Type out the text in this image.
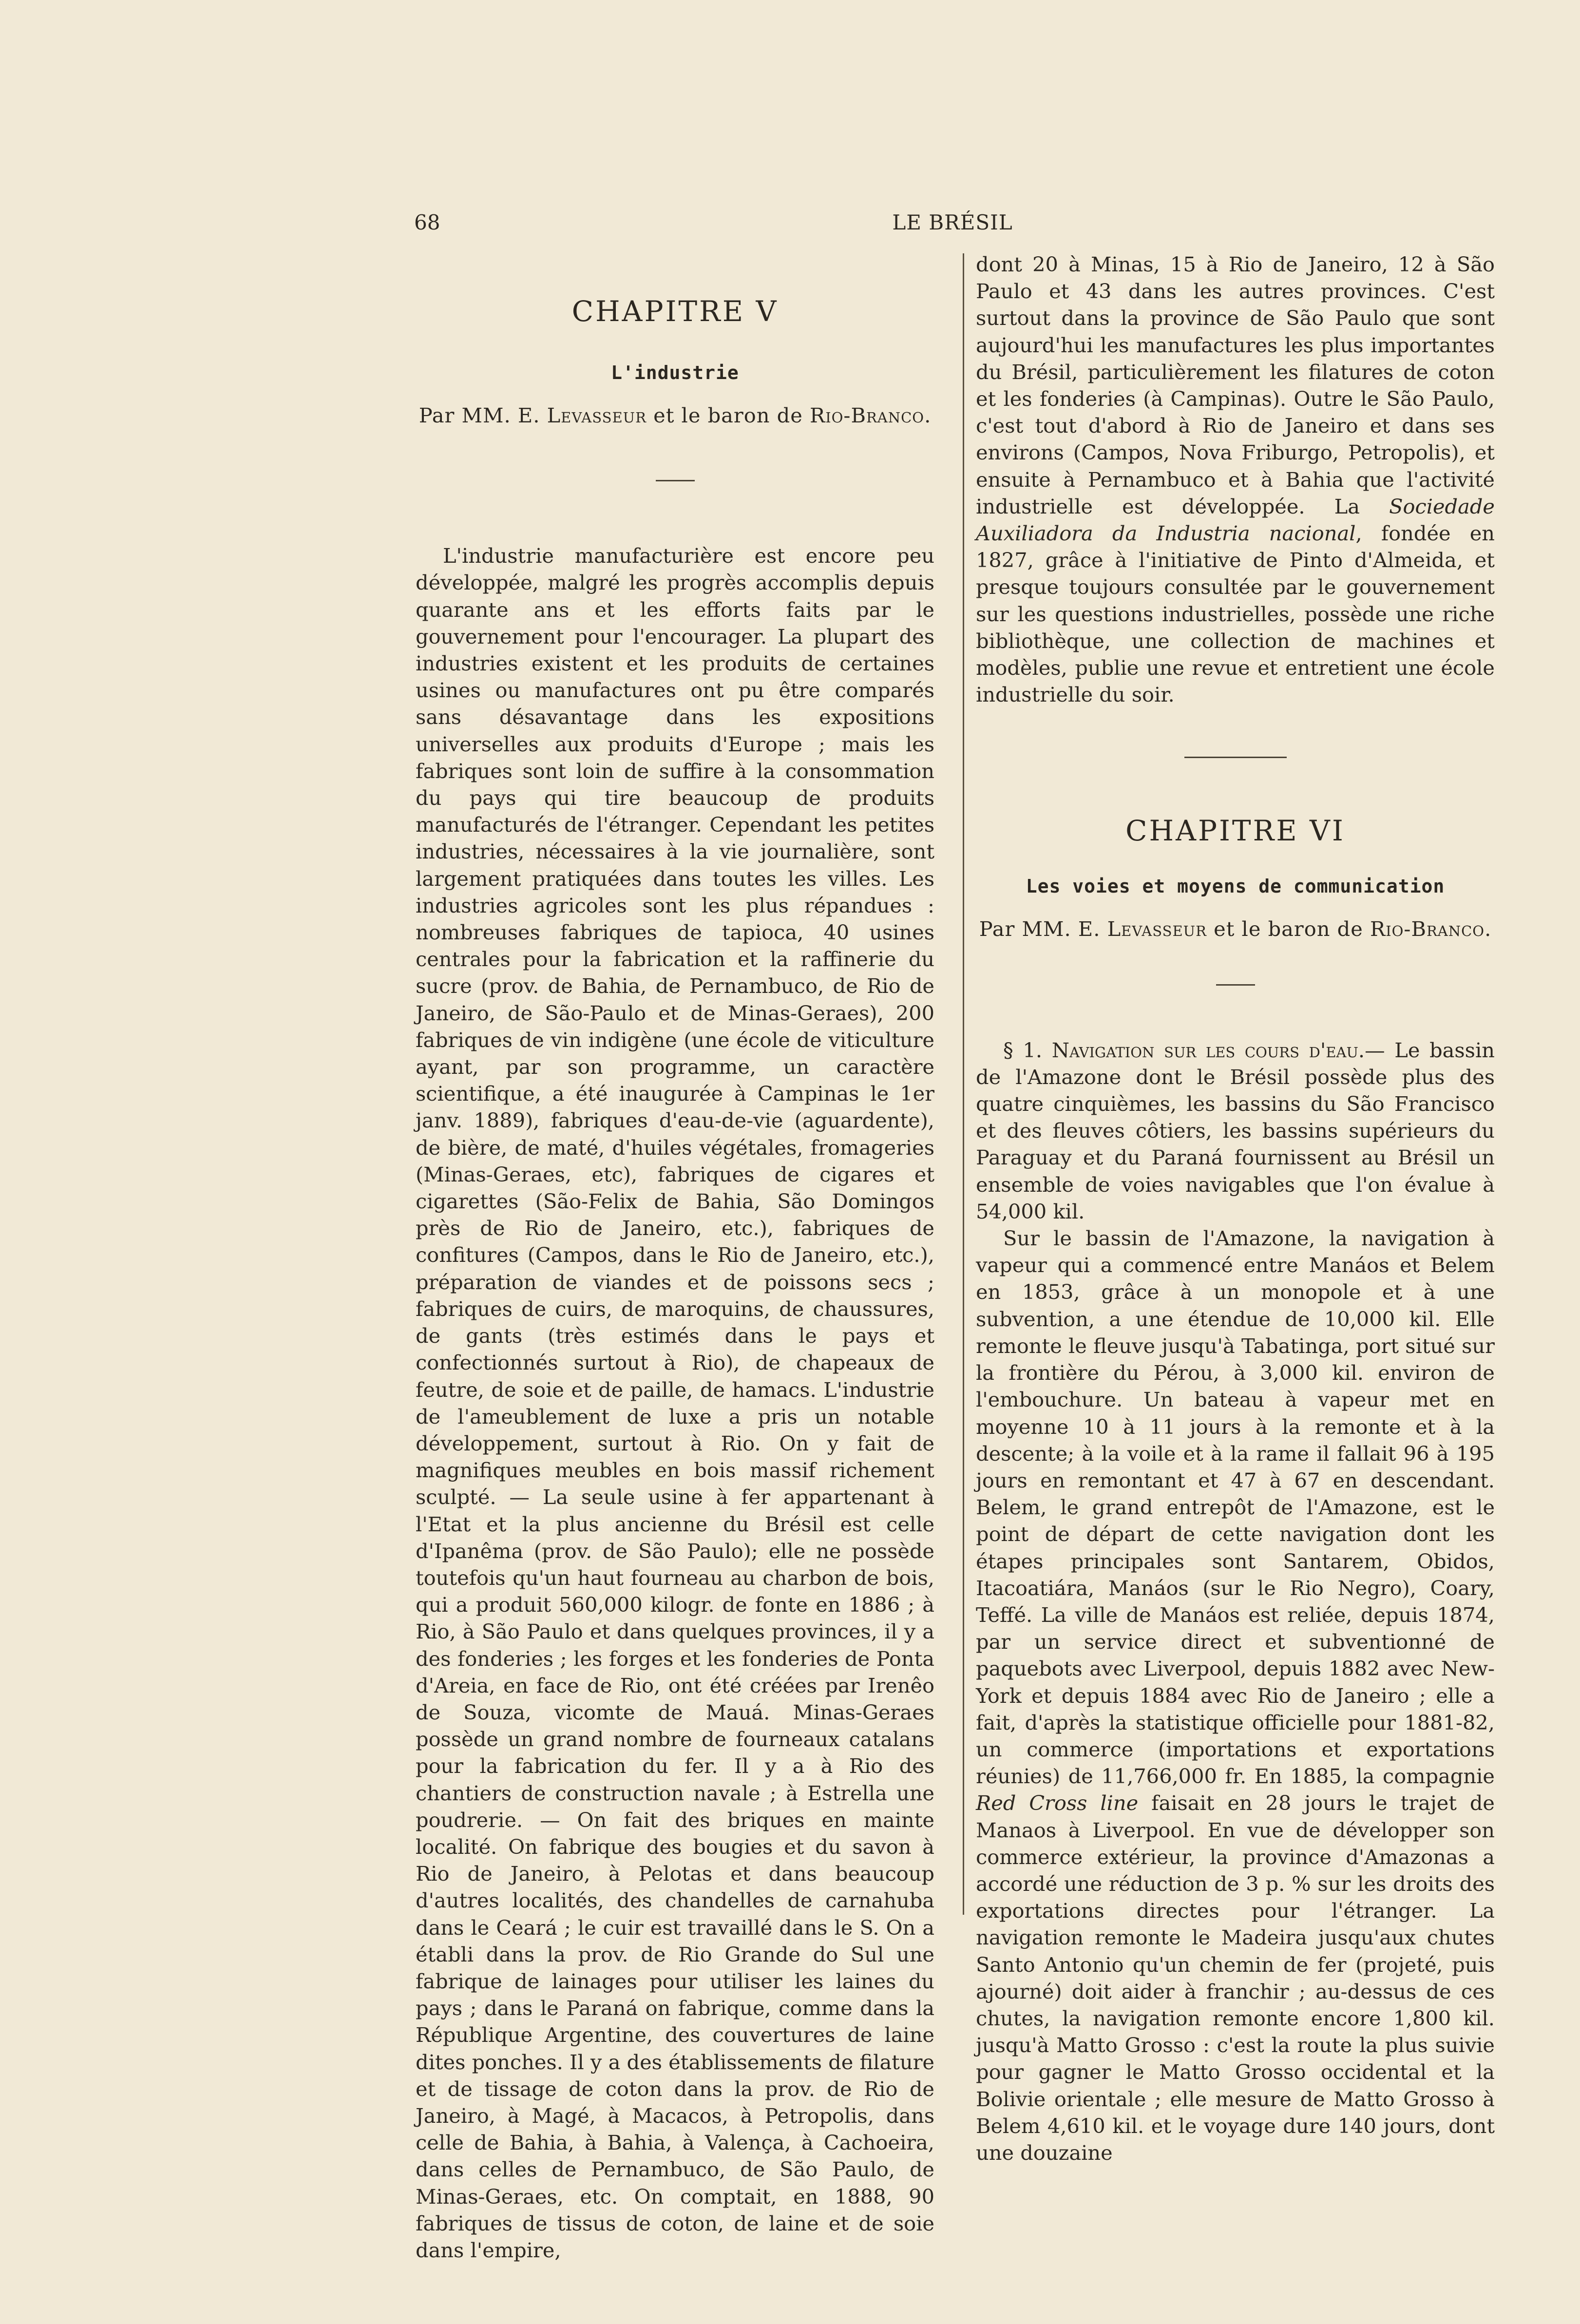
68	LE BRÉSIL
CHAPITRE V
L'industrie

Par MM. E. Levasseur et le baron de Rio-Branco.

L'industrie manufacturière est encore peu développée, malgré les progrès accomplis depuis quarante ans et les efforts faits par le gouvernement pour l'encourager. La plupart des industries existent et les produits de certaines usines ou manufactures ont pu être comparés sans désavantage dans les expositions universelles aux produits d'Europe ; mais les fabriques sont loin de suffire à la consommation du pays qui tire beaucoup de produits manufacturés de l'étranger. Cependant les petites industries, nécessaires à la vie journalière, sont largement pratiquées dans toutes les villes. Les industries agricoles sont les plus répandues : nombreuses fabriques de tapioca, 40 usines centrales pour la fabrication et la raffinerie du sucre (prov. de Bahia, de Pernambuco, de Rio de Janeiro, de São-Paulo et de Minas-Geraes), 200 fabriques de vin indigène (une école de viticulture ayant, par son programme, un caractère scientifique, a été inaugurée à Campinas le 1er janv. 1889), fabriques d'eau-de-vie (aguardente), de bière, de maté, d'huiles végétales, fromageries (Minas-Geraes, etc), fabriques de cigares et cigarettes (São-Felix de Bahia, São Domingos près de Rio de Janeiro, etc.), fabriques de confitures (Campos, dans le Rio de Janeiro, etc.), préparation de viandes et de poissons secs ; fabriques de cuirs, de maroquins, de chaussures, de gants (très estimés dans le pays et confectionnés surtout à Rio), de chapeaux de feutre, de soie et de paille, de hamacs. L'industrie de l'ameublement de luxe a pris un notable développement, surtout à Rio. On y fait de magnifiques meubles en bois massif richement sculpté. — La seule usine à fer appartenant à l'Etat et la plus ancienne du Brésil est celle d'Ipanêma (prov. de São Paulo); elle ne possède toutefois qu'un haut fourneau au charbon de bois, qui a produit 560,000 kilogr. de fonte en 1886 ; à Rio, à São Paulo et dans quelques provinces, il y a des fonderies ; les forges et les fonderies de Ponta d'Areia, en face de Rio, ont été créées par Irenêo de Souza, vicomte de Mauá. Minas-Geraes possède un grand nombre de fourneaux catalans pour la fabrication du fer. Il y a à Rio des chantiers de construction navale ; à Estrella une poudrerie. — On fait des briques en mainte localité. On fabrique des bougies et du savon à Rio de Janeiro, à Pelotas et dans beaucoup d'autres localités, des chandelles de carnahuba dans le Ceará ; le cuir est travaillé dans le S. On a établi dans la prov. de Rio Grande do Sul une fabrique de lainages pour utiliser les laines du pays ; dans le Paraná on fabrique, comme dans la République Argentine, des couvertures de laine dites ponches. Il y a des établissements de filature et de tissage de coton dans la prov. de Rio de Janeiro, à Magé, à Macacos, à Petropolis, dans celle de Bahia, à Bahia, à Valença, à Cachoeira, dans celles de Pernambuco, de São Paulo, de Minas-Geraes, etc. On comptait, en 1888, 90 fabriques de tissus de coton, de laine et de soie dans l'empire,

dont 20 à Minas, 15 à Rio de Janeiro, 12 à São Paulo et 43 dans les autres provinces. C'est surtout dans la province de São Paulo que sont aujourd'hui les manufactures les plus importantes du Brésil, particulièrement les filatures de coton et les fonderies (à Campinas). Outre le São Paulo, c'est tout d'abord à Rio de Janeiro et dans ses environs (Campos, Nova Friburgo, Petropolis), et ensuite à Pernambuco et à Bahia que l'activité industrielle est développée. La Sociedade Auxiliadora da Industria nacional, fondée en 1827, grâce à l'initiative de Pinto d'Almeida, et presque toujours consultée par le gouvernement sur les questions industrielles, possède une riche bibliothèque, une collection de machines et modèles, publie une revue et entretient une école industrielle du soir.

CHAPITRE VI
Les voies et moyens de communication

Par MM. E. Levasseur et le baron de Rio-Branco.

§ 1. Navigation sur les cours d'eau.— Le bassin de l'Amazone dont le Brésil possède plus des quatre cinquièmes, les bassins du São Francisco et des fleuves côtiers, les bassins supérieurs du Paraguay et du Paraná fournissent au Brésil un ensemble de voies navigables que l'on évalue à 54,000 kil.

Sur le bassin de l'Amazone, la navigation à vapeur qui a commencé entre Manáos et Belem en 1853, grâce à un monopole et à une subvention, a une étendue de 10,000 kil. Elle remonte le fleuve jusqu'à Tabatinga, port situé sur la frontière du Pérou, à 3,000 kil. environ de l'embouchure. Un bateau à vapeur met en moyenne 10 à 11 jours à la remonte et à la descente; à la voile et à la rame il fallait 96 à 195 jours en remontant et 47 à 67 en descendant. Belem, le grand entrepôt de l'Amazone, est le point de départ de cette navigation dont les étapes principales sont Santarem, Obidos, Itacoatiára, Manáos (sur le Rio Negro), Coary, Teffé. La ville de Manáos est reliée, depuis 1874, par un service direct et subventionné de paquebots avec Liverpool, depuis 1882 avec New-York et depuis 1884 avec Rio de Janeiro ; elle a fait, d'après la statistique officielle pour 1881-82, un commerce (importations et exportations réunies) de 11,766,000 fr. En 1885, la compagnie Red Cross line faisait en 28 jours le trajet de Manaos à Liverpool. En vue de développer son commerce extérieur, la province d'Amazonas a accordé une réduction de 3 p. % sur les droits des exportations directes pour l'étranger. La navigation remonte le Madeira jusqu'aux chutes Santo Antonio qu'un chemin de fer (projeté, puis ajourné) doit aider à franchir ; au-dessus de ces chutes, la navigation remonte encore 1,800 kil. jusqu'à Matto Grosso : c'est la route la plus suivie pour gagner le Matto Grosso occidental et la Bolivie orientale ; elle mesure de Matto Grosso à Belem 4,610 kil. et le voyage dure 140 jours, dont une douzaine
